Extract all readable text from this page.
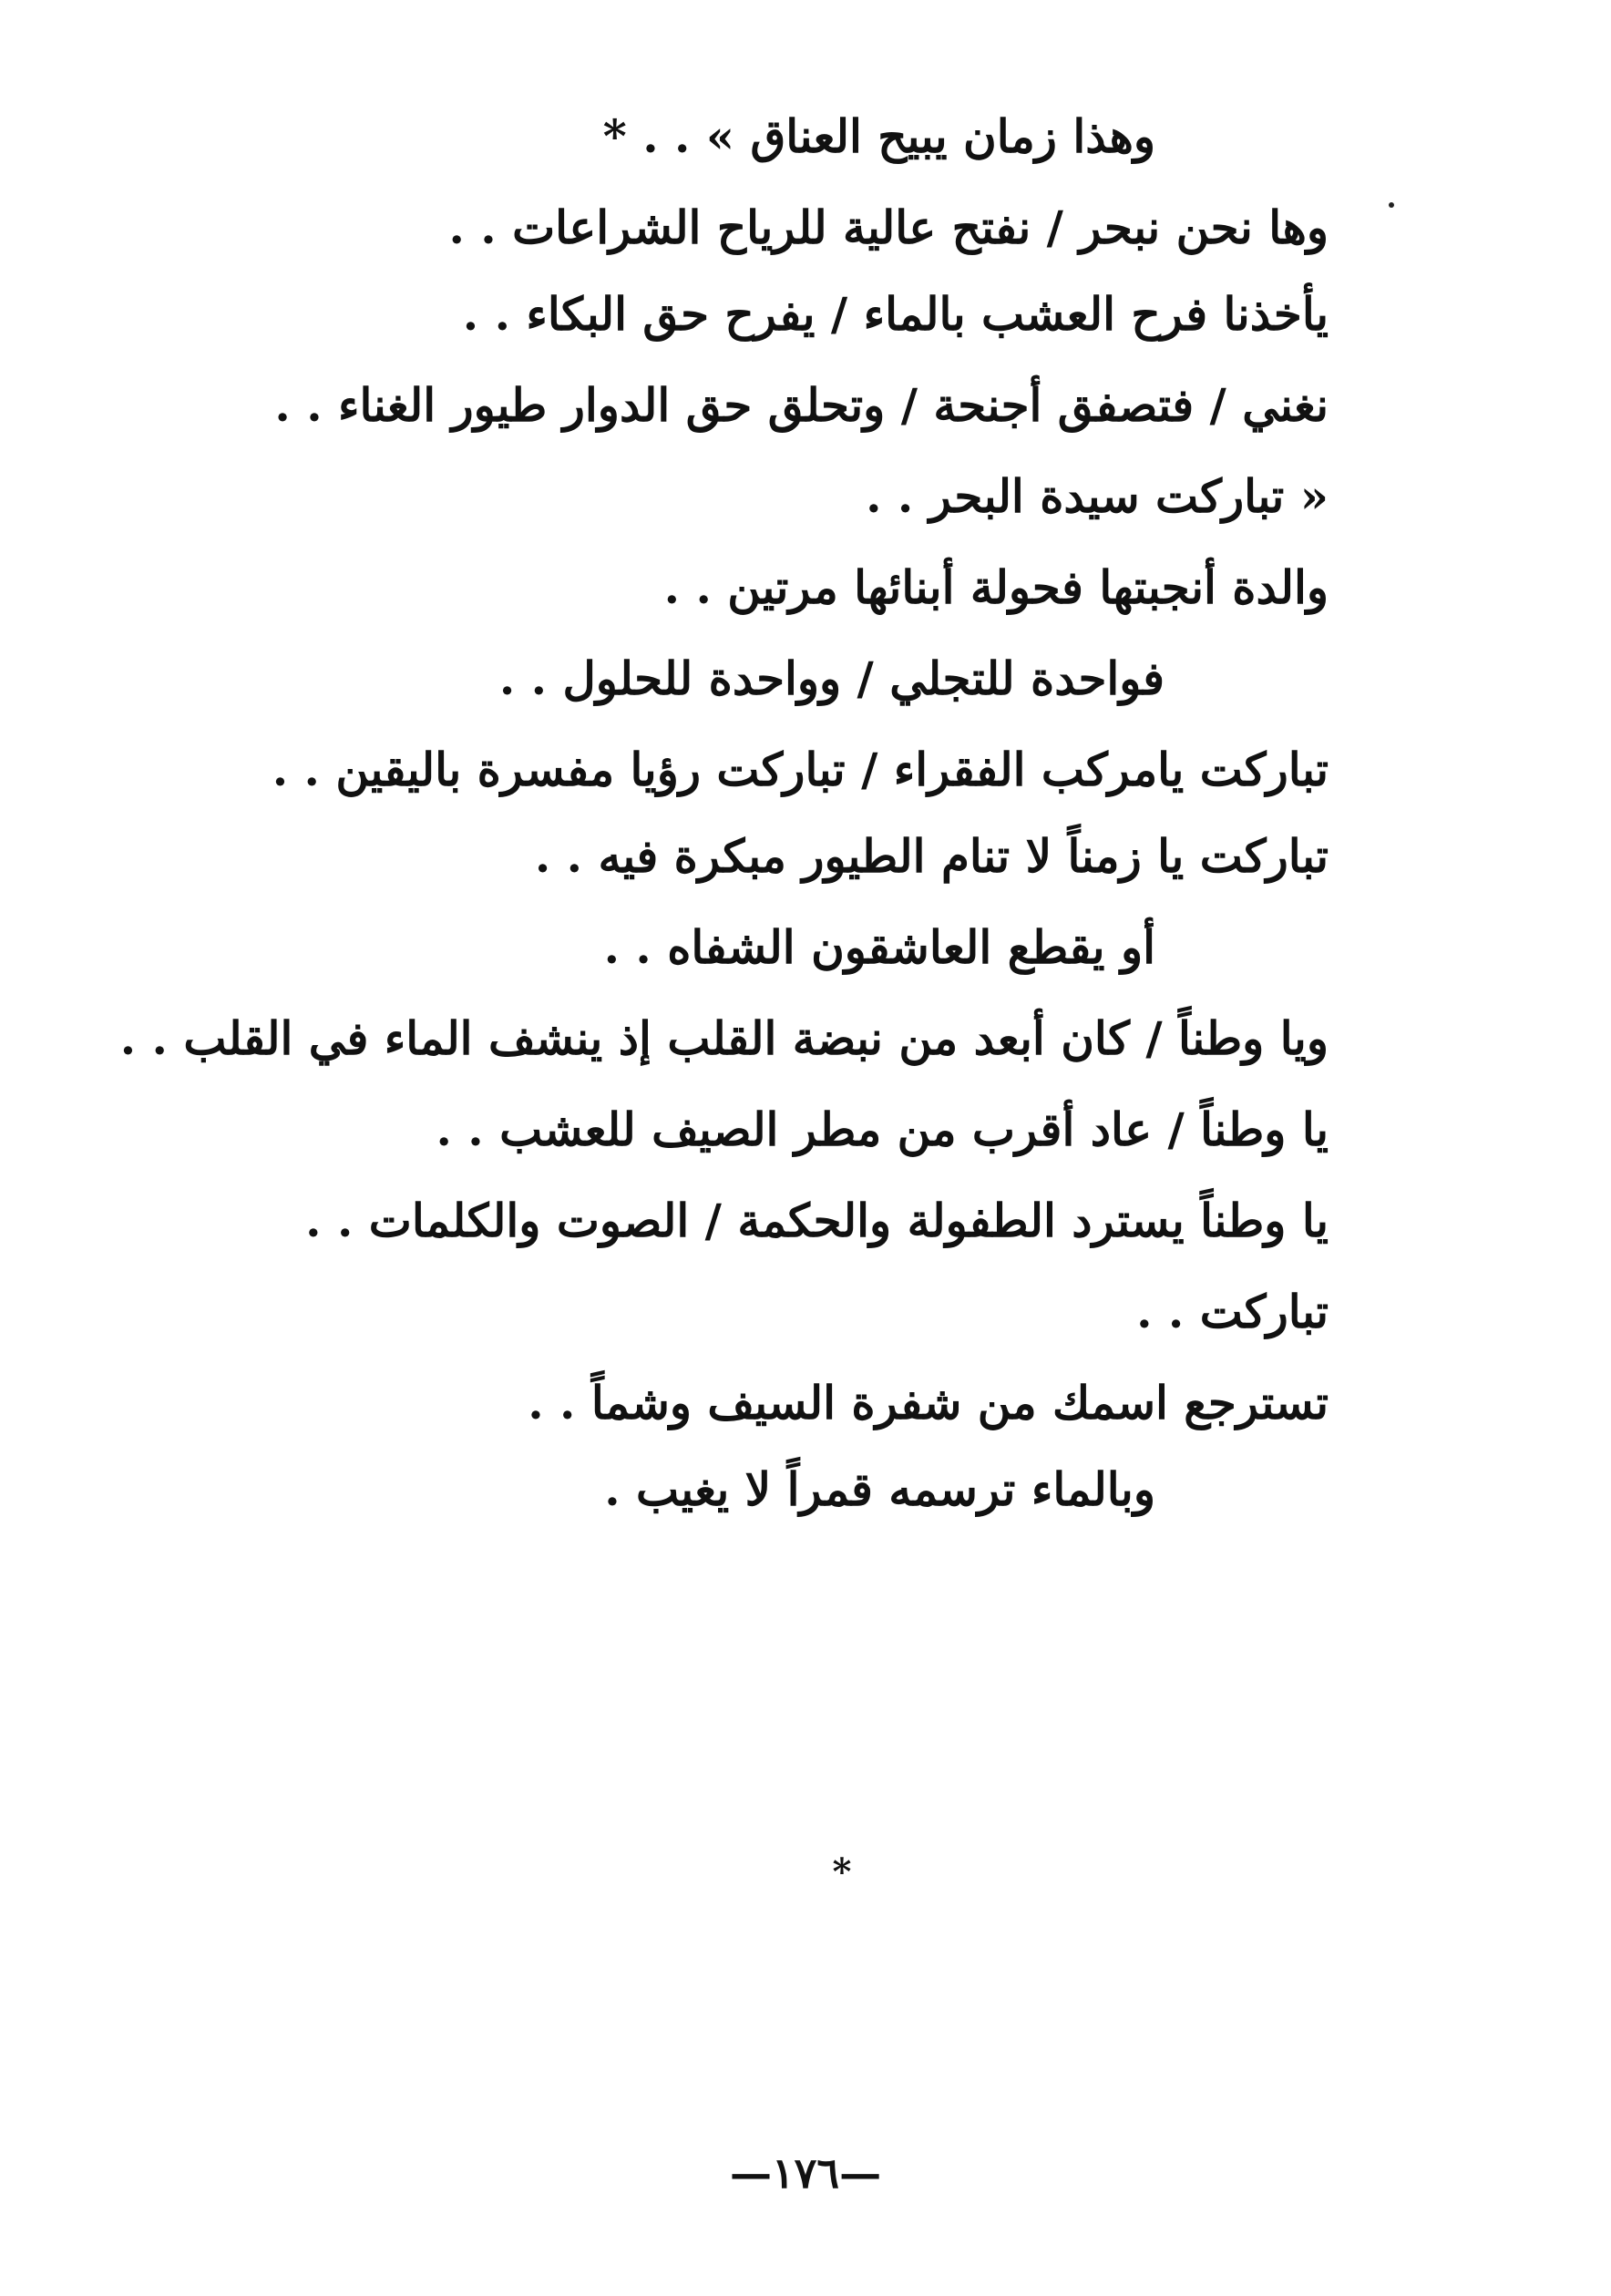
وهذا زمان يبيح العناق » . . *
وها نحن نبحر / نفتح عالية للرياح الشراعات . .
يأخذنا فرح العشب بالماء / يفرح حق البكاء . .
نغني / فتصفق أجنحة / وتحلق حق الدوار طيور الغناء . .
« تباركت سيدة البحر . .
والدة أنجبتها فحولة أبنائها مرتين . .
فواحدة للتجلي / وواحدة للحلول . .
تباركت يامركب الفقراء / تباركت رؤيا مفسرة باليقين . .
تباركت يا زمناً لا تنام الطيور مبكرة فيه . .
أو يقطع العاشقون الشفاه . .
ويا وطناً / كان أبعد من نبضة القلب إذ ينشف الماء في القلب . .
يا وطناً / عاد أقرب من مطر الصيف للعشب . .
يا وطناً يسترد الطفولة والحكمة / الصوت والكلمات . .
تباركت . .
تسترجع اسمك من شفرة السيف وشماً . .
وبالماء ترسمه قمراً لا يغيب .
*
—١٧٦—
